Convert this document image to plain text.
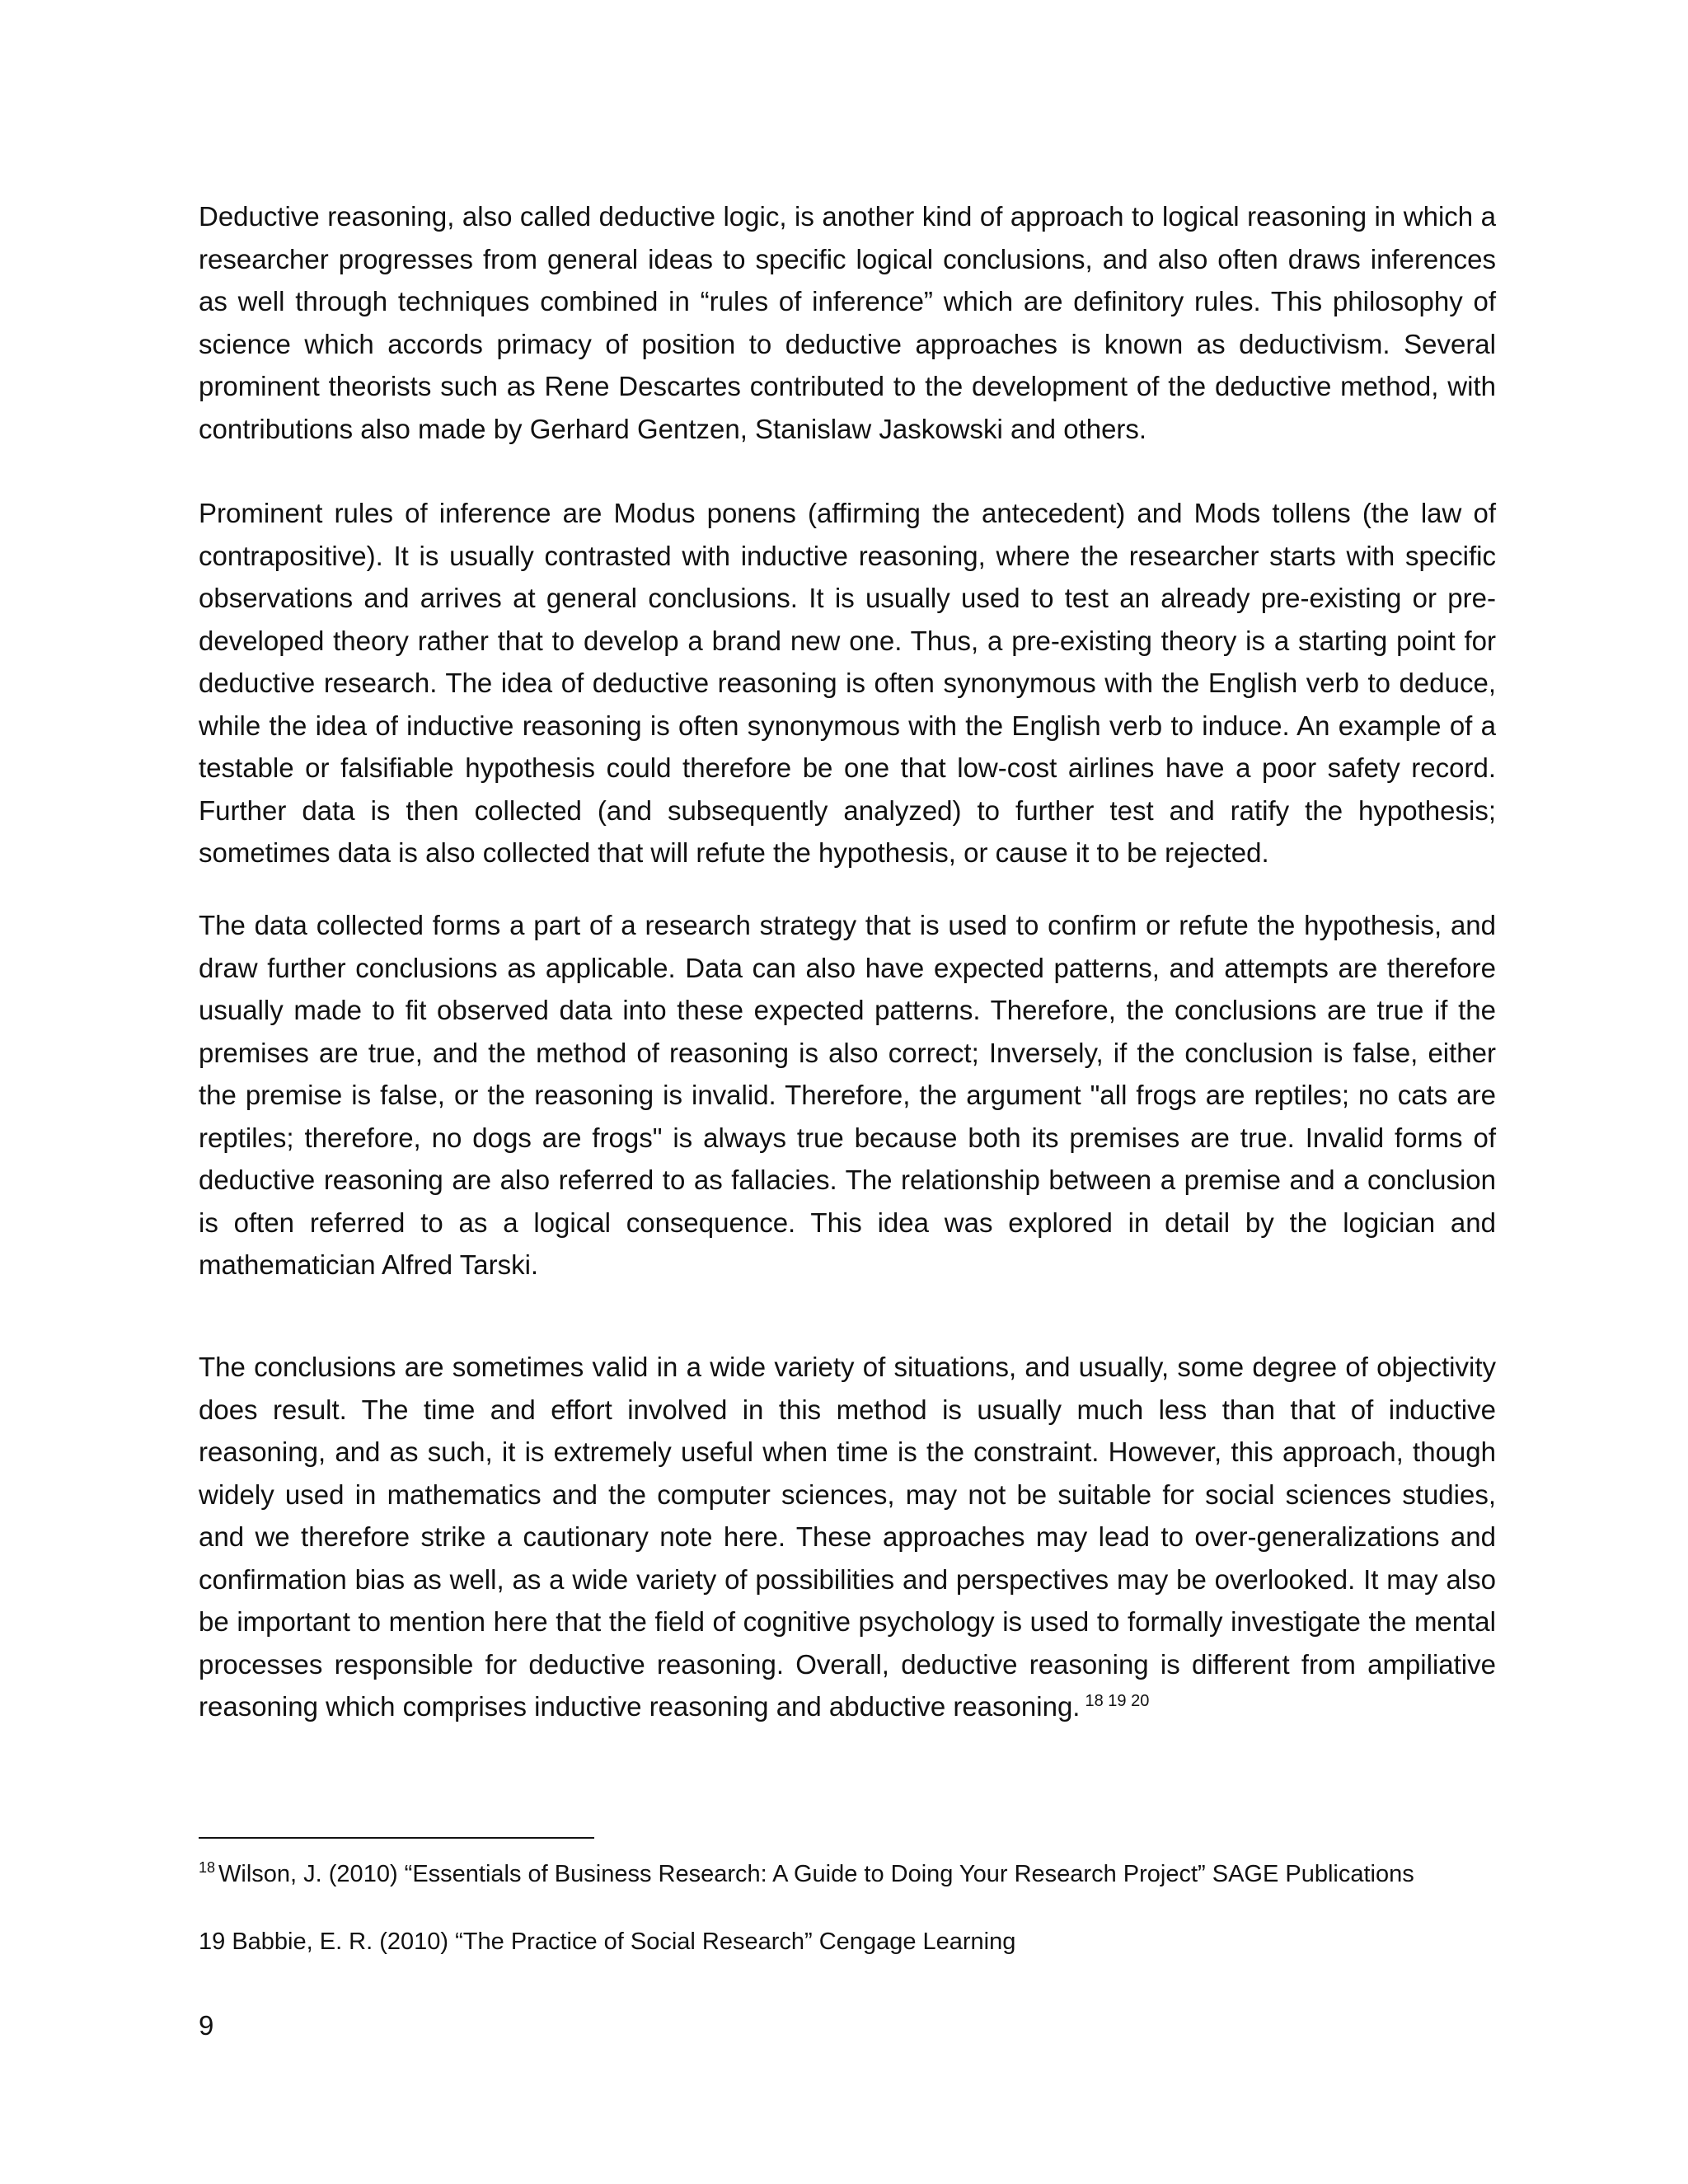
Deductive reasoning, also called deductive logic, is another kind of approach to logical reasoning in which a researcher progresses from general ideas to specific logical conclusions, and also often draws inferences as well through techniques combined in “rules of inference” which are definitory rules. This philosophy of science which accords primacy of position to deductive approaches is known as deductivism. Several prominent theorists such as Rene Descartes contributed to the development of the deductive method, with contributions also made by Gerhard Gentzen, Stanislaw Jaskowski and others.

Prominent rules of inference are Modus ponens (affirming the antecedent) and Mods tollens (the law of contrapositive). It is usually contrasted with inductive reasoning, where the researcher starts with specific observations and arrives at general conclusions. It is usually used to test an already pre-existing or pre-developed theory rather that to develop a brand new one. Thus, a pre-existing theory is a starting point for deductive research. The idea of deductive reasoning is often synonymous with the English verb to deduce, while the idea of inductive reasoning is often synonymous with the English verb to induce. An example of a testable or falsifiable hypothesis could therefore be one that low-cost airlines have a poor safety record. Further data is then collected (and subsequently analyzed) to further test and ratify the hypothesis; sometimes data is also collected that will refute the hypothesis, or cause it to be rejected.

The data collected forms a part of a research strategy that is used to confirm or refute the hypothesis, and draw further conclusions as applicable. Data can also have expected patterns, and attempts are therefore usually made to fit observed data into these expected patterns. Therefore, the conclusions are true if the premises are true, and the method of reasoning is also correct; Inversely, if the conclusion is false, either the premise is false, or the reasoning is invalid. Therefore, the argument "all frogs are reptiles; no cats are reptiles; therefore, no dogs are frogs" is always true because both its premises are true. Invalid forms of deductive reasoning are also referred to as fallacies. The relationship between a premise and a conclusion is often referred to as a logical consequence. This idea was explored in detail by the logician and mathematician Alfred Tarski.

The conclusions are sometimes valid in a wide variety of situations, and usually, some degree of objectivity does result. The time and effort involved in this method is usually much less than that of inductive reasoning, and as such, it is extremely useful when time is the constraint. However, this approach, though widely used in mathematics and the computer sciences, may not be suitable for social sciences studies, and we therefore strike a cautionary note here. These approaches may lead to over-generalizations and confirmation bias as well, as a wide variety of possibilities and perspectives may be overlooked. It may also be important to mention here that the field of cognitive psychology is used to formally investigate the mental processes responsible for deductive reasoning. Overall, deductive reasoning is different from ampiliative reasoning which comprises inductive reasoning and abductive reasoning. $^{18 19 20}$

$^{18}$ Wilson, J. (2010) “Essentials of Business Research: A Guide to Doing Your Research Project” SAGE Publications

19 Babbie, E. R. (2010) “The Practice of Social Research” Cengage Learning

9
